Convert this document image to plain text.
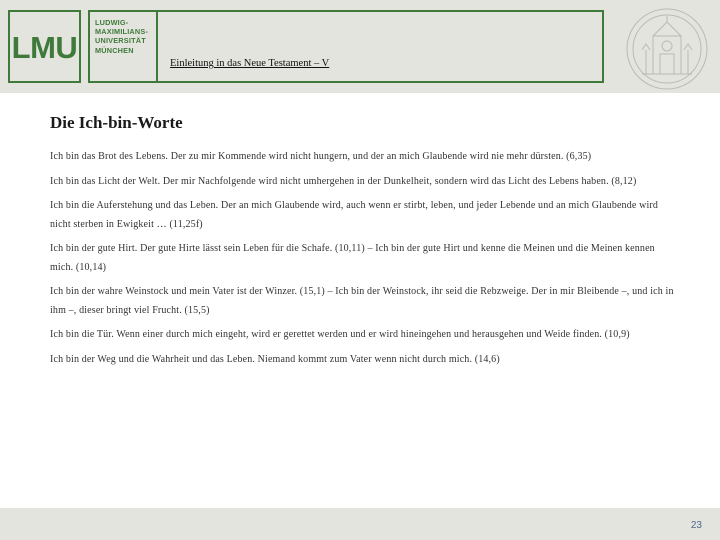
LMU
LUDWIG-
MAXIMILIANS-
UNIVERSITÄT
MÜNCHEN
Einleitung in das Neue Testament – V
Die Ich-bin-Worte

Ich bin das Brot des Lebens. Der zu mir Kommende wird nicht hungern, und der an mich Glaubende wird nie mehr dürsten. (6,35)

Ich bin das Licht der Welt. Der mir Nachfolgende wird nicht umhergehen in der Dunkelheit, sondern wird das Licht des Lebens haben. (8,12)

Ich bin die Auferstehung und das Leben. Der an mich Glaubende wird, auch wenn er stirbt, leben, und jeder Lebende und an mich Glaubende wird nicht sterben in Ewigkeit … (11,25f)

Ich bin der gute Hirt. Der gute Hirte lässt sein Leben für die Schafe. (10,11) – Ich bin der gute Hirt und kenne die Meinen und die Meinen kennen mich. (10,14)

Ich bin der wahre Weinstock und mein Vater ist der Winzer. (15,1) – Ich bin der Weinstock, ihr seid die Rebzweige. Der in mir Bleibende –, und ich in ihm –, dieser bringt viel Frucht. (15,5)

Ich bin die Tür. Wenn einer durch mich eingeht, wird er gerettet werden und er wird hineingehen und herausgehen und Weide finden. (10,9)

Ich bin der Weg und die Wahrheit und das Leben. Niemand kommt zum Vater wenn nicht durch mich. (14,6)

23
